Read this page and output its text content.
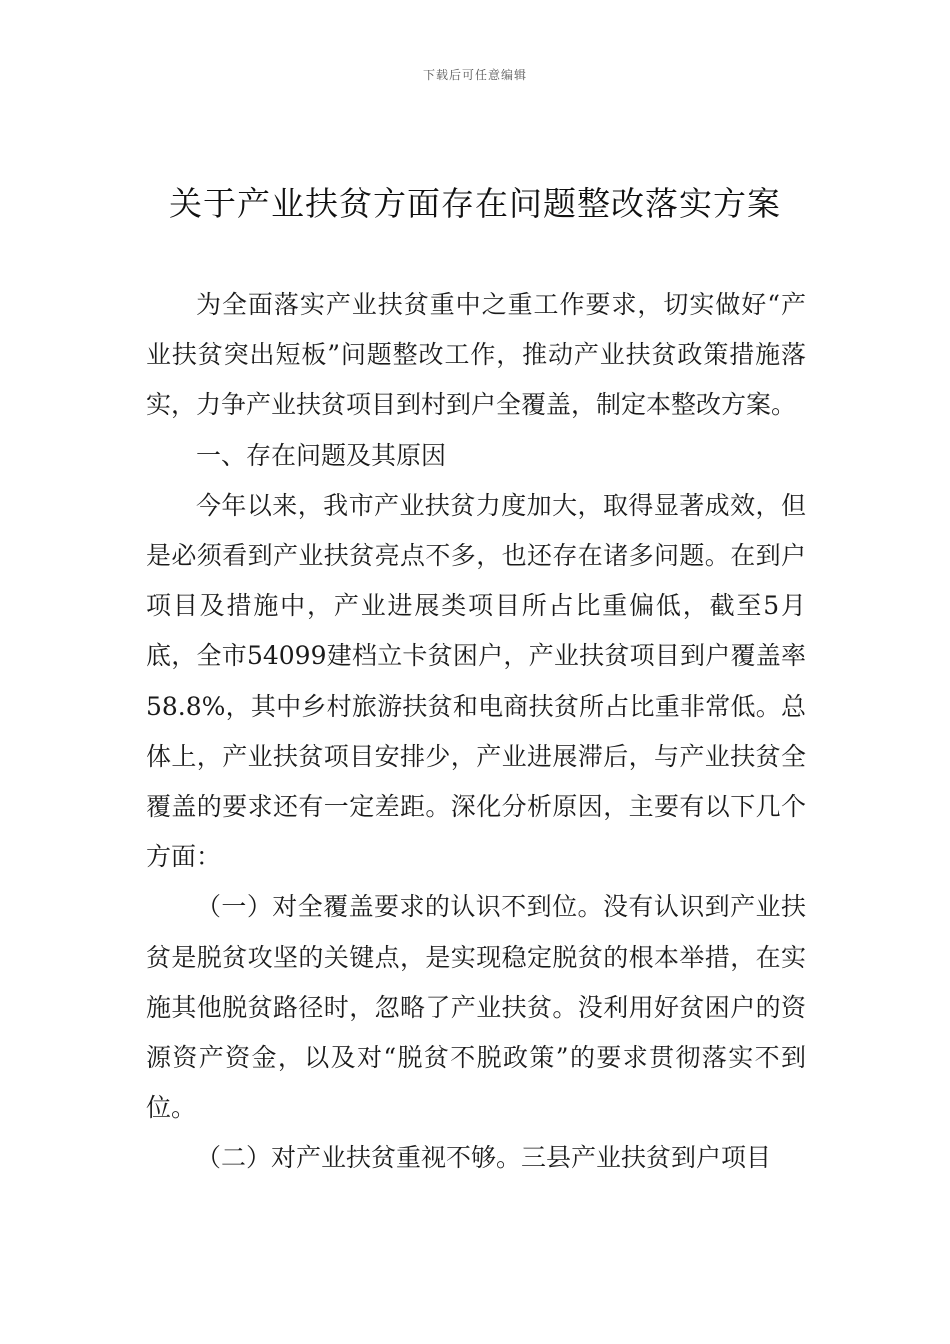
下载后可任意编辑
关于产业扶贫方面存在问题整改落实方案

为全面落实产业扶贫重中之重工作要求，切实做好“产业扶贫突出短板”问题整改工作，推动产业扶贫政策措施落实，力争产业扶贫项目到村到户全覆盖，制定本整改方案。

一、存在问题及其原因

今年以来，我市产业扶贫力度加大，取得显著成效，但是必须看到产业扶贫亮点不多，也还存在诸多问题。在到户项目及措施中，产业进展类项目所占比重偏低，截至5月底，全市54099建档立卡贫困户，产业扶贫项目到户覆盖率58.8%，其中乡村旅游扶贫和电商扶贫所占比重非常低。总体上，产业扶贫项目安排少，产业进展滞后，与产业扶贫全覆盖的要求还有一定差距。深化分析原因，主要有以下几个方面：

（一）对全覆盖要求的认识不到位。没有认识到产业扶贫是脱贫攻坚的关键点，是实现稳定脱贫的根本举措，在实施其他脱贫路径时，忽略了产业扶贫。没利用好贫困户的资源资产资金，以及对“脱贫不脱政策”的要求贯彻落实不到位。

（二）对产业扶贫重视不够。三县产业扶贫到户项目
